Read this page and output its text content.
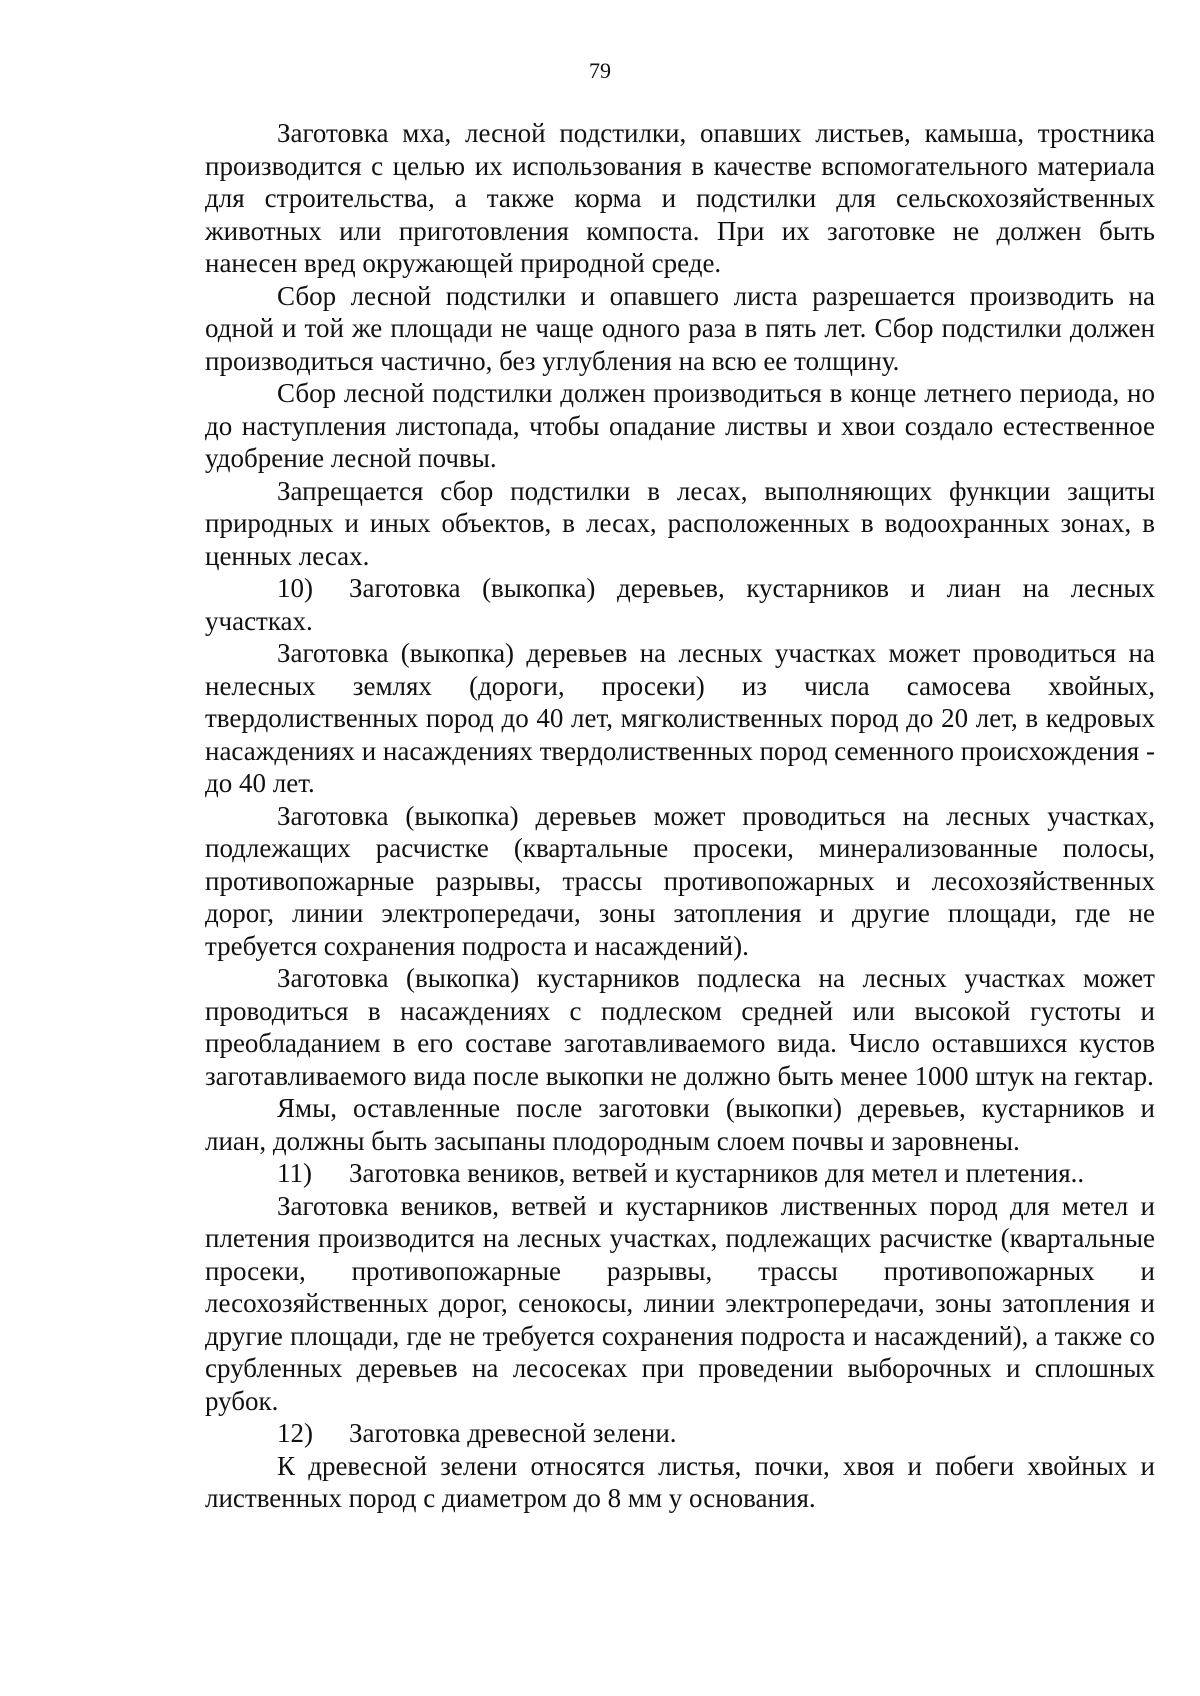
79

Заготовка мха, лесной подстилки, опавших листьев, камыша, тростника производится с целью их использования в качестве вспомогательного материала для строительства, а также корма и подстилки для сельскохозяйственных животных или приготовления компоста. При их заготовке не должен быть нанесен вред окружающей природной среде.

Сбор лесной подстилки и опавшего листа разрешается производить на одной и той же площади не чаще одного раза в пять лет. Сбор подстилки должен производиться частично, без углубления на всю ее толщину.

Сбор лесной подстилки должен производиться в конце летнего периода, но до наступления листопада, чтобы опадание листвы и хвои создало естественное удобрение лесной почвы.

Запрещается сбор подстилки в лесах, выполняющих функции защиты природных и иных объектов, в лесах, расположенных в водоохранных зонах, в ценных лесах.

10) Заготовка (выкопка) деревьев, кустарников и лиан на лесных участках.

Заготовка (выкопка) деревьев на лесных участках может проводиться на нелесных землях (дороги, просеки) из числа самосева хвойных, твердолиственных пород до 40 лет, мягколиственных пород до 20 лет, в кедровых насаждениях и насаждениях твердолиственных пород семенного происхождения - до 40 лет.

Заготовка (выкопка) деревьев может проводиться на лесных участках, подлежащих расчистке (квартальные просеки, минерализованные полосы, противопожарные разрывы, трассы противопожарных и лесохозяйственных дорог, линии электропередачи, зоны затопления и другие площади, где не требуется сохранения подроста и насаждений).

Заготовка (выкопка) кустарников подлеска на лесных участках может проводиться в насаждениях с подлеском средней или высокой густоты и преобладанием в его составе заготавливаемого вида. Число оставшихся кустов заготавливаемого вида после выкопки не должно быть менее 1000 штук на гектар.

Ямы, оставленные после заготовки (выкопки) деревьев, кустарников и лиан, должны быть засыпаны плодородным слоем почвы и заровнены.

11) Заготовка веников, ветвей и кустарников для метел и плетения..

Заготовка веников, ветвей и кустарников лиственных пород для метел и плетения производится на лесных участках, подлежащих расчистке (квартальные просеки, противопожарные разрывы, трассы противопожарных и лесохозяйственных дорог, сенокосы, линии электропередачи, зоны затопления и другие площади, где не требуется сохранения подроста и насаждений), а также со срубленных деревьев на лесосеках при проведении выборочных и сплошных рубок.

12) Заготовка древесной зелени.

К древесной зелени относятся листья, почки, хвоя и побеги хвойных и лиственных пород с диаметром до 8 мм у основания.
